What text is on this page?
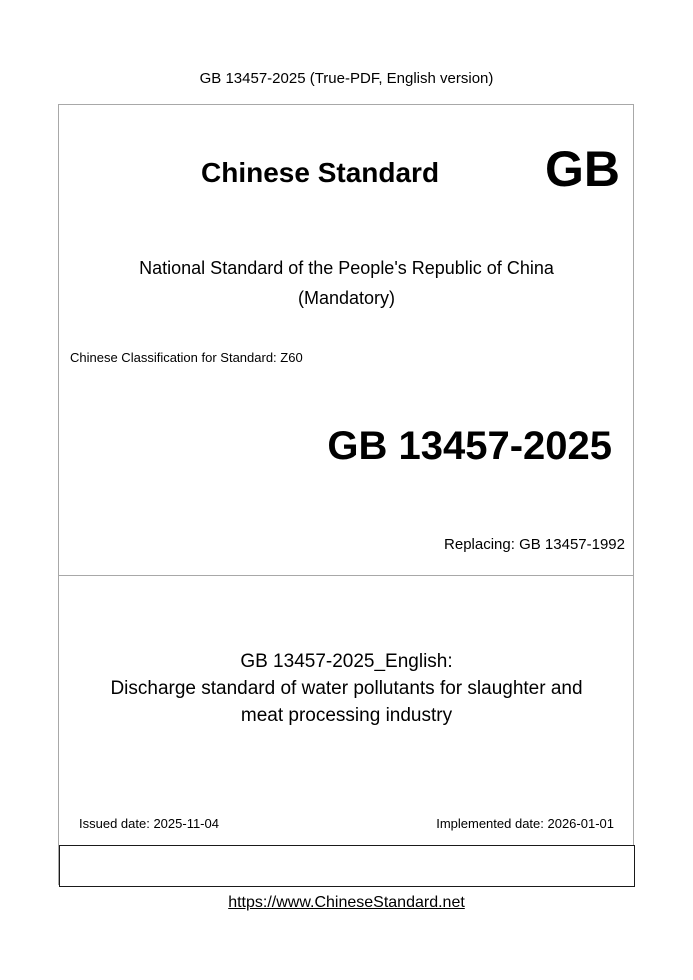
GB 13457-2025 (True-PDF, English version)
Chinese Standard GB
National Standard of the People's Republic of China
(Mandatory)
Chinese Classification for Standard: Z60
GB 13457-2025
Replacing: GB 13457-1992
GB 13457-2025_English:
Discharge standard of water pollutants for slaughter and
meat processing industry
Issued date: 2025-11-04	Implemented date: 2026-01-01
https://www.ChineseStandard.net
